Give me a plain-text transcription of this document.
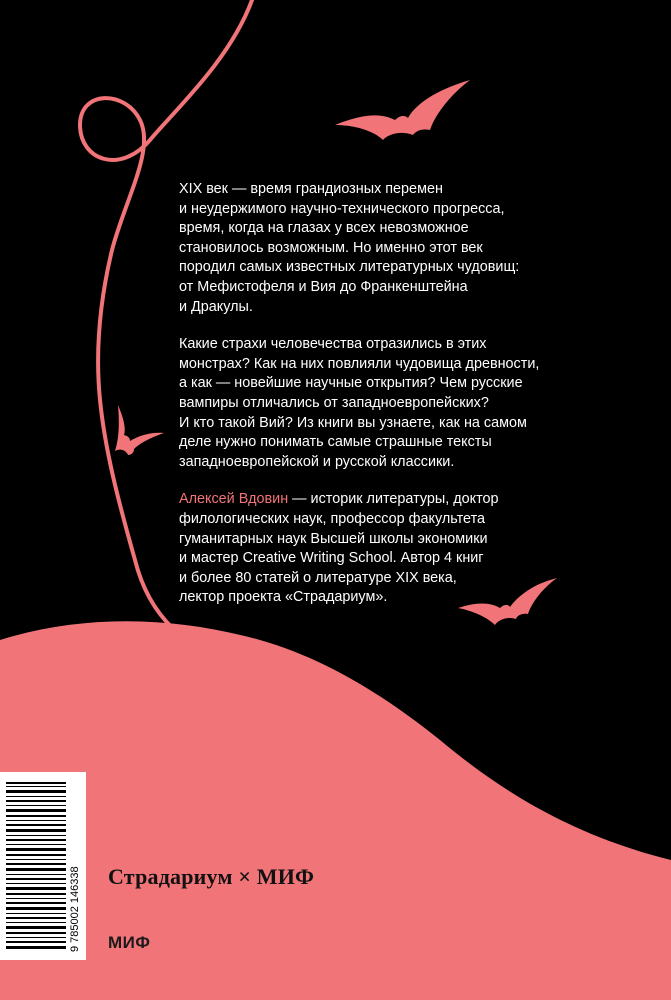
XIX век — время грандиозных перемен
и неудержимого научно-технического прогресса,
время, когда на глазах у всех невозможное
становилось возможным. Но именно этот век
породил самых известных литературных чудовищ:
от Мефистофеля и Вия до Франкенштейна
и Дракулы.

Какие страхи человечества отразились в этих
монстрах? Как на них повлияли чудовища древности,
а как — новейшие научные открытия? Чем русские
вампиры отличались от западноевропейских?
И кто такой Вий? Из книги вы узнаете, как на самом
деле нужно понимать самые страшные тексты
западноевропейской и русской классики.

Алексей Вдовин — историк литературы, доктор
филологических наук, профессор факультета
гуманитарных наук Высшей школы экономики
и мастер Creative Writing School. Автор 4 книг
и более 80 статей о литературе XIX века,
лектор проекта «Страдариум».

9 785002 146338 Страдариум × МИФ
МИФ
